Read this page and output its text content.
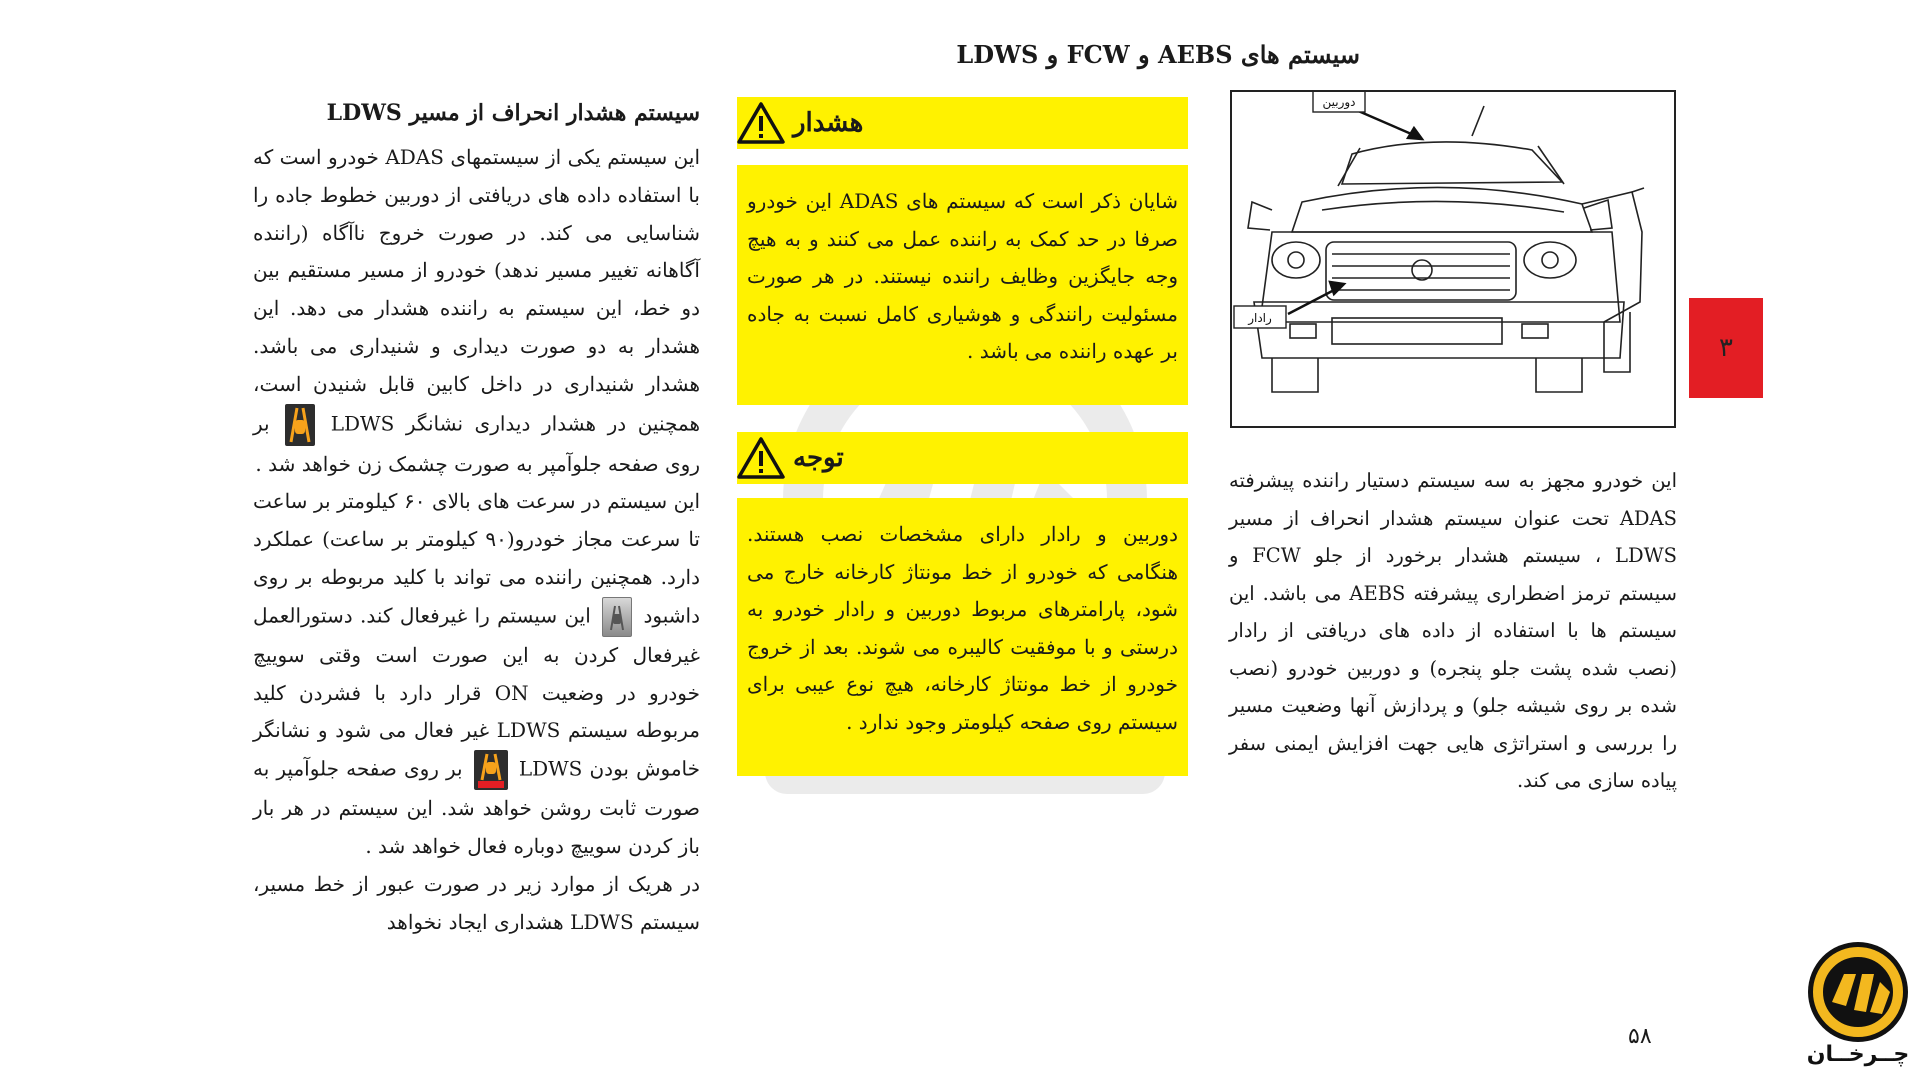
سیستم های AEBS و FCW و LDWS
دوربین
رادار
۳
این خودرو مجهز به سه سیستم دستیار راننده پیشرفته ADAS تحت عنوان سیستم هشدار انحراف از مسیر LDWS ، سیستم هشدار برخورد از جلو FCW و سیستم ترمز اضطراری پیشرفته AEBS می باشد. این سیستم ها با استفاده از داده های دریافتی از رادار (نصب شده پشت جلو پنجره) و دوربین خودرو (نصب شده بر روی شیشه جلو) و پردازش آنها وضعیت مسیر را بررسی و استراتژی هایی جهت افزایش ایمنی سفر پیاده سازی می کند.
هشدار
شایان ذکر است که سیستم های ADAS این خودرو صرفا در حد کمک به راننده عمل می کنند و به هیچ وجه جایگزین وظایف راننده نیستند. در هر صورت مسئولیت رانندگی و هوشیاری کامل نسبت به جاده بر عهده راننده می باشد .
توجه
دوربین و رادار دارای مشخصات نصب هستند. هنگامی که خودرو از خط مونتاژ کارخانه خارج می شود، پارامترهای مربوط دوربین و رادار خودرو به درستی و با موفقیت کالیبره می شوند. بعد از خروج خودرو از خط مونتاژ کارخانه، هیچ نوع عیبی برای سیستم روی صفحه کیلومتر وجود ندارد .
سیستم هشدار انحراف از مسیر LDWS
این سیستم یکی از سیستمهای ADAS خودرو است که با استفاده داده های دریافتی از دوربین خطوط جاده را شناسایی می کند. در صورت خروج ناآگاه (راننده آگاهانه تغییر مسیر ندهد) خودرو از مسیر مستقیم بین دو خط، این سیستم به راننده هشدار می دهد. این هشدار به دو صورت دیداری و شنیداری می باشد. هشدار شنیداری در داخل کابین قابل شنیدن است، همچنین در هشدار دیداری نشانگر LDWS  بر روی صفحه جلوآمپر به صورت چشمک زن خواهد شد .
این سیستم در سرعت های بالای ۶۰ کیلومتر بر ساعت تا سرعت مجاز خودرو(۹۰ کیلومتر بر ساعت) عملکرد دارد. همچنین راننده می تواند با کلید مربوطه بر روی داشبود  این سیستم را غیرفعال کند. دستورالعمل غیرفعال کردن به این صورت است وقتی سوییچ خودرو در وضعیت ON قرار دارد با فشردن کلید مربوطه سیستم LDWS غیر فعال می شود و نشانگر خاموش بودن LDWS  بر روی صفحه جلوآمپر به صورت ثابت روشن خواهد شد. این سیستم در هر بار باز کردن سوییچ دوباره فعال خواهد شد .
در هریک از موارد زیر در صورت عبور از خط مسیر، سیستم LDWS هشداری ایجاد نخواهد
۵۸
چــرخــان
